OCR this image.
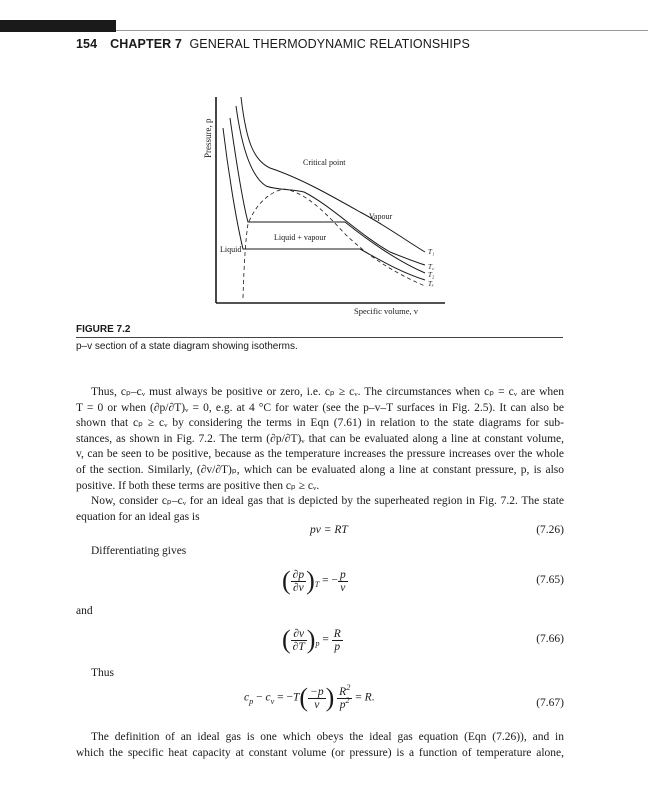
154 CHAPTER 7 GENERAL THERMODYNAMIC RELATIONSHIPS
Pressure, p
Specific volume, v
Critical point
Vapour
Liquid + vapour
Liquid	T₁
T꜀
T₂
Tₓ
FIGURE 7.2
p–v section of a state diagram showing isotherms.

Thus, cₚ–cᵥ must always be positive or zero, i.e. cₚ ≥ cᵥ. The circumstances when cₚ = cᵥ are when
T = 0 or when (∂p/∂T)ᵥ = 0, e.g. at 4 °C for water (see the p–v–T surfaces in Fig. 2.5). It can also be
shown that cₚ ≥ cᵥ by considering the terms in Eqn (7.61) in relation to the state diagrams for sub-
stances, as shown in Fig. 7.2. The term (∂p/∂T)ᵥ that can be evaluated along a line at constant volume,
v, can be seen to be positive, because as the temperature increases the pressure increases over the whole
of the section. Similarly, (∂v/∂T)ₚ, which can be evaluated along a line at constant pressure, p, is also
positive. If both these terms are positive then cₚ ≥ cᵥ.

Now, consider cₚ–cᵥ for an ideal gas that is depicted by the superheated region in Fig. 7.2. The state
equation for an ideal gas is

pv = RT	(7.26)
Differentiating gives
( $\frac{\partial p}{\partial v} )_T$ = − $\frac{p}{v}$	(7.65)
and
( $\frac{\partial v}{\partial T} )_p = \frac{R}{p}$	(7.66)
Thus
$c_p - c_v = -T( \frac{-p}{v}$ ) $\frac{R^2}{p^2} = R$.	(7.67)

The definition of an ideal gas is one which obeys the ideal gas equation (Eqn (7.26)), and in
which the specific heat capacity at constant volume (or pressure) is a function of temperature alone,
